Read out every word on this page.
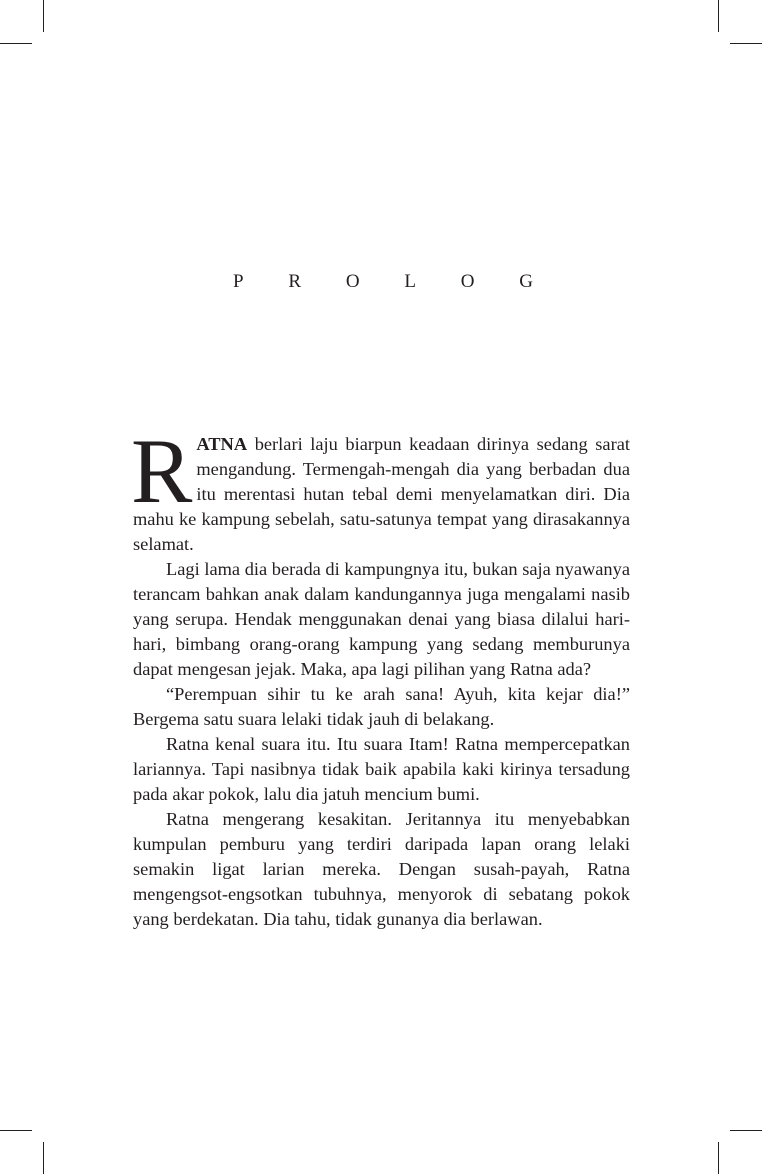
P R O L O G

RATNA berlari laju biarpun keadaan dirinya sedang sarat mengandung. Termengah-mengah dia yang berbadan dua itu merentasi hutan tebal demi menyelamatkan diri. Dia mahu ke kampung sebelah, satu-satunya tempat yang dirasakannya selamat.

Lagi lama dia berada di kampungnya itu, bukan saja nyawanya terancam bahkan anak dalam kandungannya juga mengalami nasib yang serupa. Hendak menggunakan denai yang biasa dilalui hari-hari, bimbang orang-orang kampung yang sedang memburunya dapat mengesan jejak. Maka, apa lagi pilihan yang Ratna ada?

“Perempuan sihir tu ke arah sana! Ayuh, kita kejar dia!” Bergema satu suara lelaki tidak jauh di belakang.

Ratna kenal suara itu. Itu suara Itam! Ratna mempercepatkan lariannya. Tapi nasibnya tidak baik apabila kaki kirinya tersadung pada akar pokok, lalu dia jatuh mencium bumi.

Ratna mengerang kesakitan. Jeritannya itu menyebabkan kumpulan pemburu yang terdiri daripada lapan orang lelaki semakin ligat larian mereka. Dengan susah-payah, Ratna mengengsot-engsotkan tubuhnya, menyorok di sebatang pokok yang berdekatan. Dia tahu, tidak gunanya dia berlawan.
